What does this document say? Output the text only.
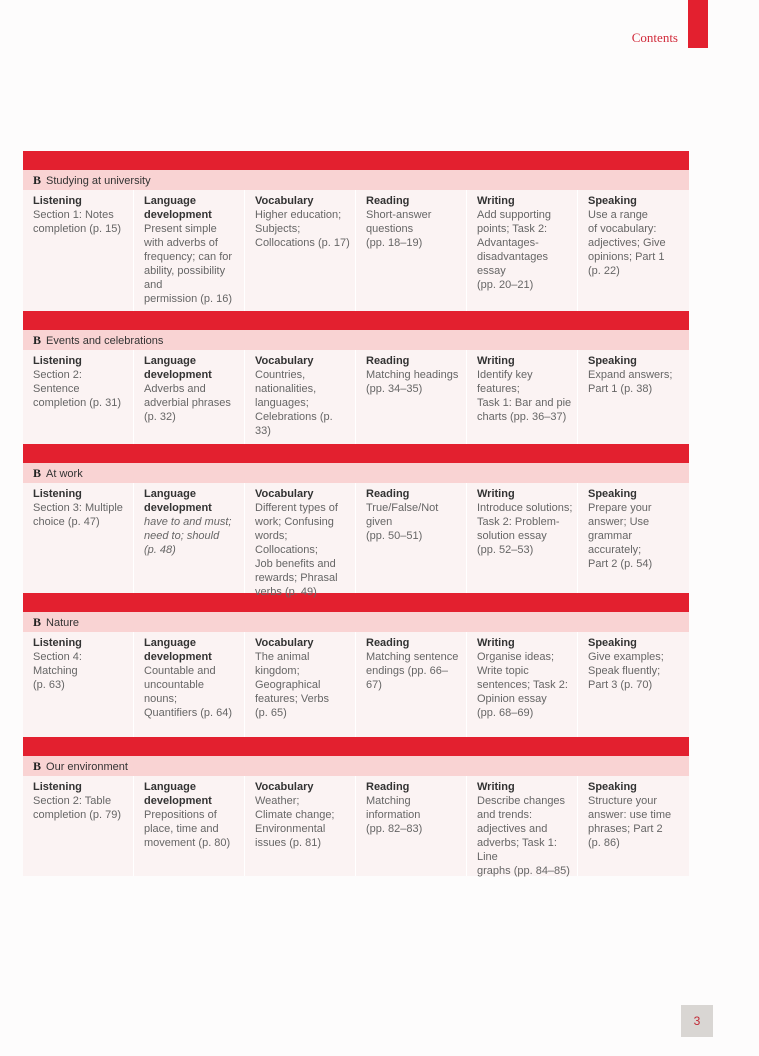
Contents
B Studying at university
Listening
Section 1: Notes
completion (p. 15)
Language
development
Present simple
with adverbs of
frequency; can for
ability, possibility and
permission (p. 16)
Vocabulary
Higher education;
Subjects;
Collocations (p. 17)
Reading
Short-answer
questions
(pp. 18–19)
Writing
Add supporting
points; Task 2:
Advantages-
disadvantages essay
(pp. 20–21)
Speaking
Use a range
of vocabulary:
adjectives; Give
opinions; Part 1
(p. 22)
B Events and celebrations
Listening
Section 2: Sentence
completion (p. 31)
Language
development
Adverbs and
adverbial phrases
(p. 32)
Vocabulary
Countries,
nationalities,
languages;
Celebrations (p. 33)
Reading
Matching headings
(pp. 34–35)
Writing
Identify key features;
Task 1: Bar and pie
charts (pp. 36–37)
Speaking
Expand answers;
Part 1 (p. 38)
B At work
Listening
Section 3: Multiple
choice (p. 47)
Language
development
have to and must;
need to; should
(p. 48)
Vocabulary
Different types of
work; Confusing
words; Collocations;
Job benefits and
rewards; Phrasal
verbs (p. 49)
Reading
True/False/Not given
(pp. 50–51)
Writing
Introduce solutions;
Task 2: Problem-
solution essay
(pp. 52–53)
Speaking
Prepare your
answer; Use
grammar accurately;
Part 2 (p. 54)
B Nature
Listening
Section 4: Matching
(p. 63)
Language
development
Countable and
uncountable nouns;
Quantifiers (p. 64)
Vocabulary
The animal
kingdom;
Geographical
features; Verbs
(p. 65)
Reading
Matching sentence
endings (pp. 66–67)
Writing
Organise ideas;
Write topic
sentences; Task 2:
Opinion essay
(pp. 68–69)
Speaking
Give examples;
Speak fluently;
Part 3 (p. 70)
B Our environment
Listening
Section 2: Table
completion (p. 79)
Language
development
Prepositions of
place, time and
movement (p. 80)
Vocabulary
Weather;
Climate change;
Environmental
issues (p. 81)
Reading
Matching
information
(pp. 82–83)
Writing
Describe changes
and trends:
adjectives and
adverbs; Task 1: Line
graphs (pp. 84–85)
Speaking
Structure your
answer: use time
phrases; Part 2
(p. 86)
3
